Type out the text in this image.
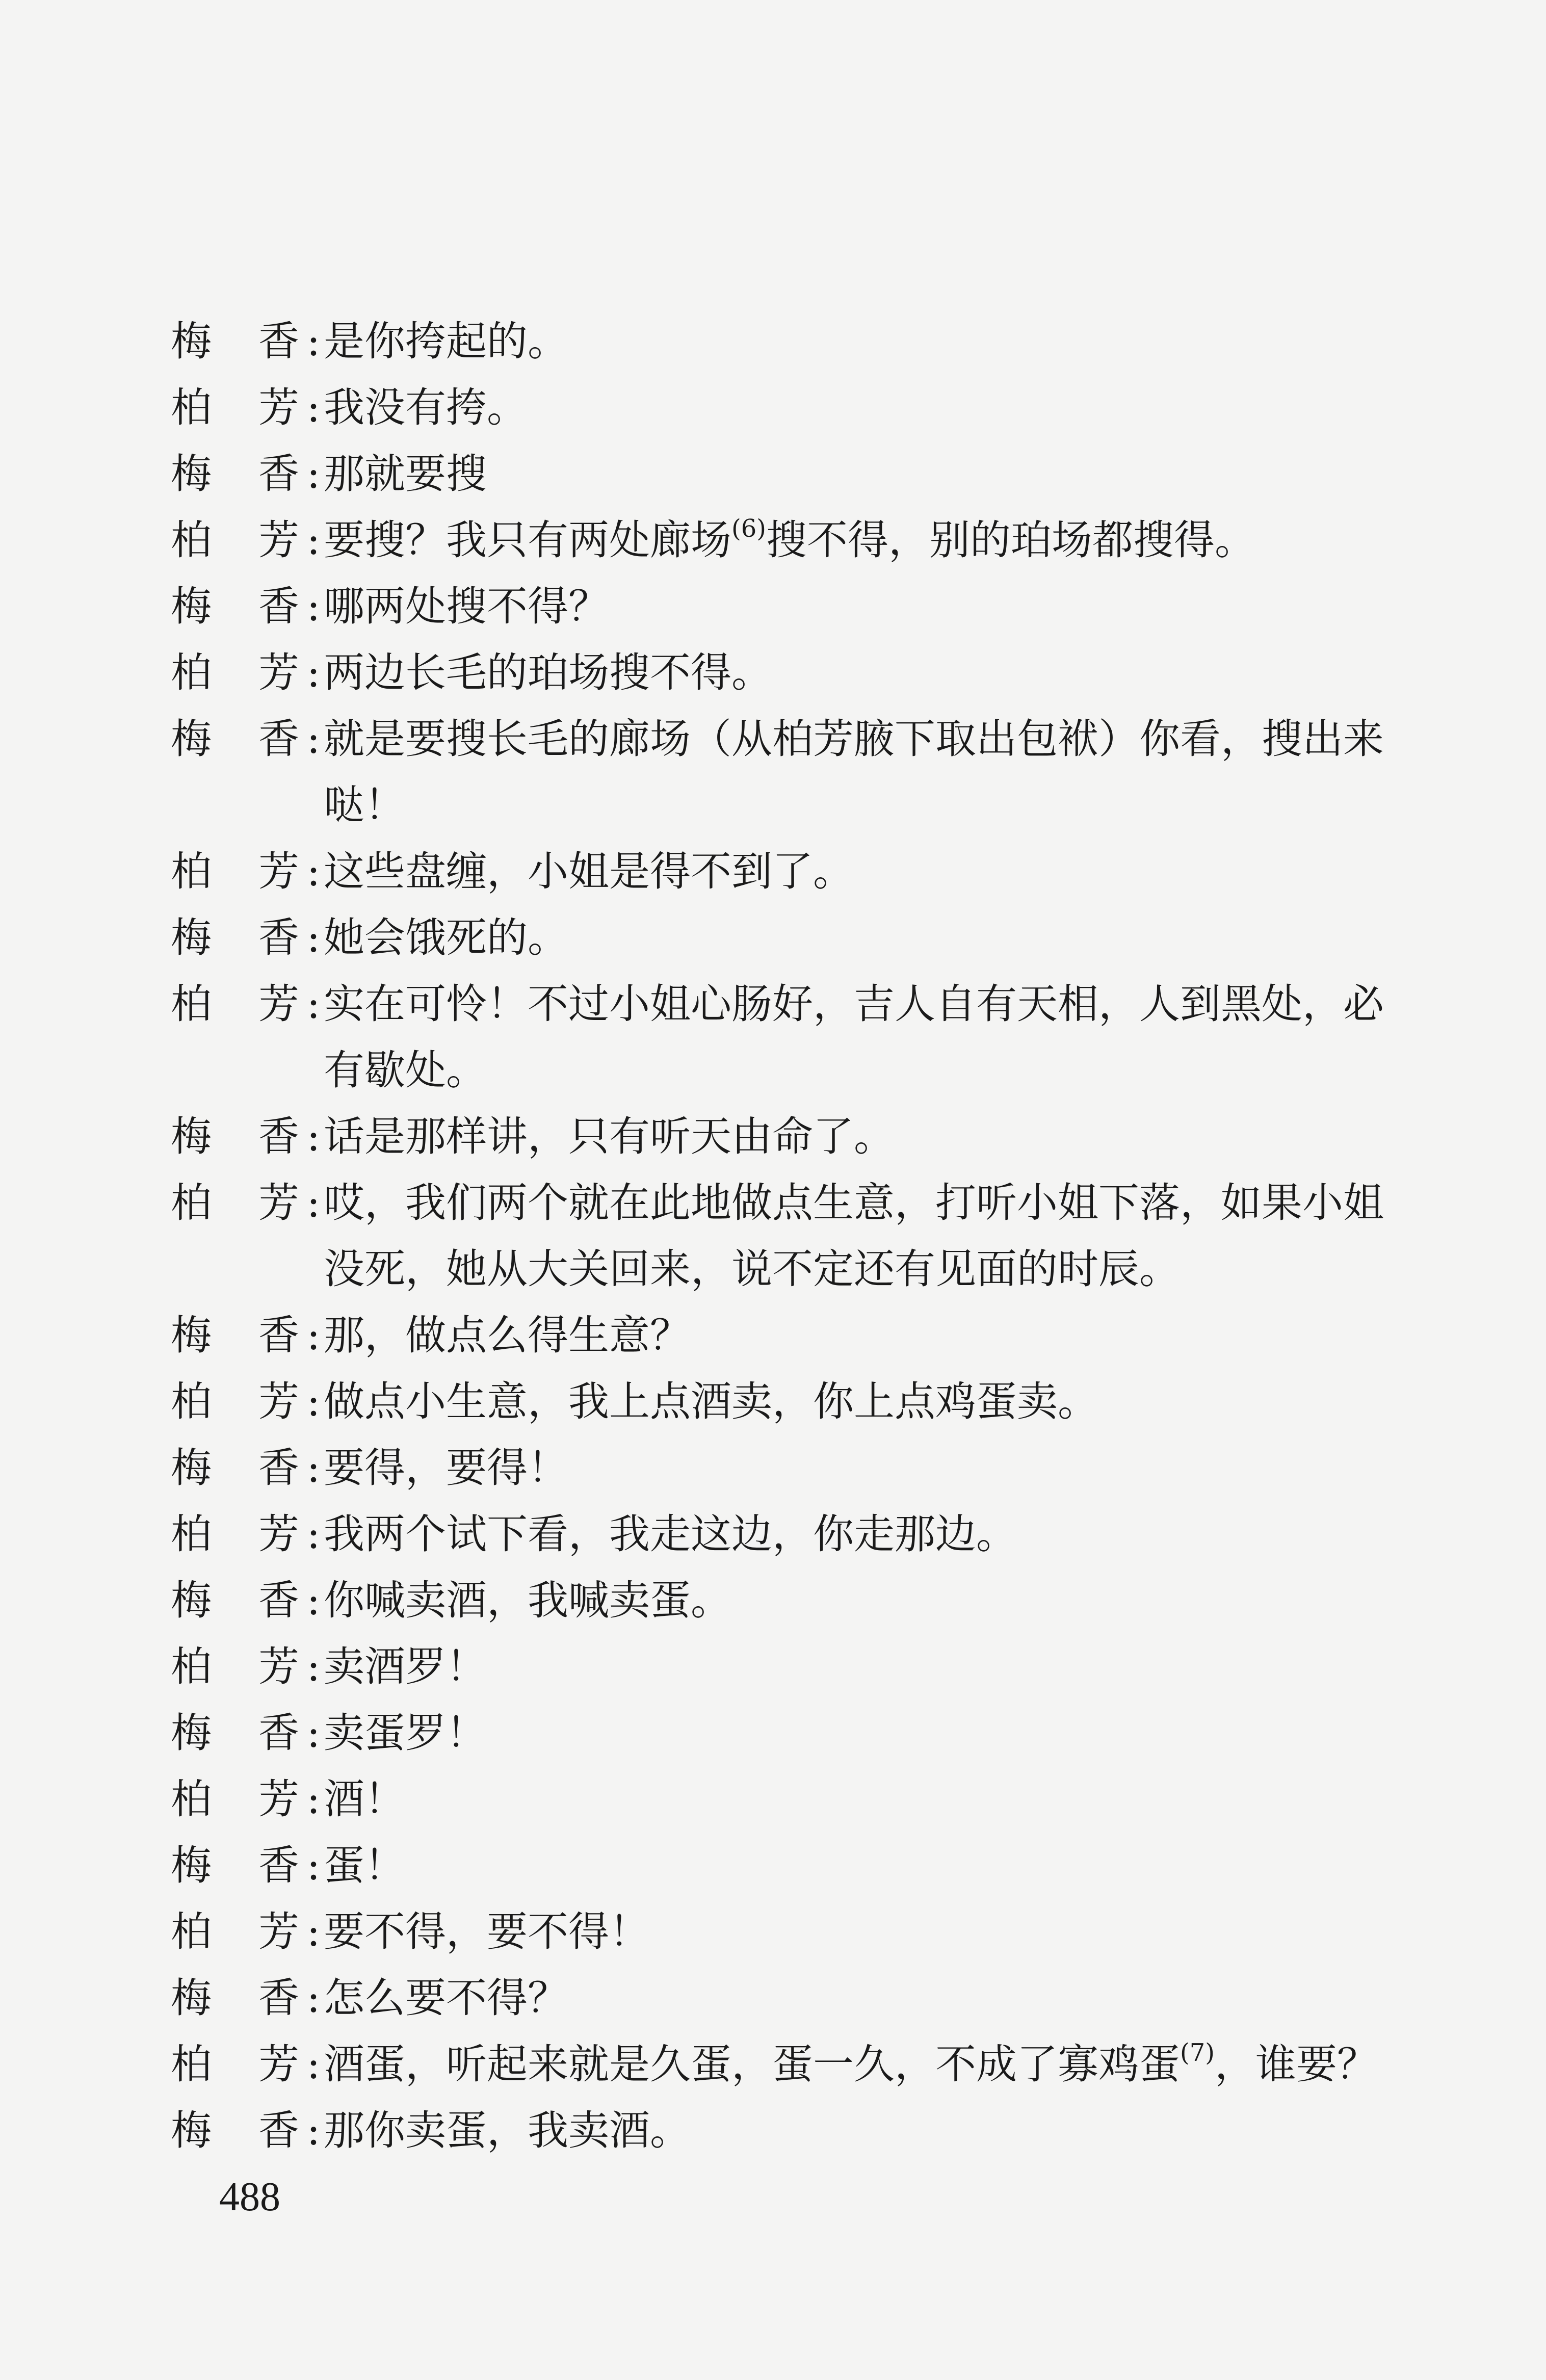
梅 香 : 是你挎起的。
柏 芳 : 我没有挎。
梅 香 : 那就要搜
柏 芳 : 要搜？我只有两处廊场$^{(6)}$搜不得，别的珀场都搜得。
梅 香 : 哪两处搜不得？
柏 芳 : 两边长毛的珀场搜不得。
梅 香 : 就是要搜长毛的廊场（从柏芳腋下取出包袱）你看，搜出来哒！
柏 芳 : 这些盘缠，小姐是得不到了。
梅 香 : 她会饿死的。
柏 芳 : 实在可怜！不过小姐心肠好，吉人自有天相，人到黑处，必有歇处。
梅 香 : 话是那样讲，只有听天由命了。
柏 芳 : 哎，我们两个就在此地做点生意，打听小姐下落，如果小姐没死，她从大关回来，说不定还有见面的时辰。
梅 香 : 那，做点么得生意？
柏 芳 : 做点小生意，我上点酒卖，你上点鸡蛋卖。
梅 香 : 要得，要得！
柏 芳 : 我两个试下看，我走这边，你走那边。
梅 香 : 你喊卖酒，我喊卖蛋。
柏 芳 : 卖酒罗！
梅 香 : 卖蛋罗！
柏 芳 : 酒！
梅 香 : 蛋！
柏 芳 : 要不得，要不得！
梅 香 : 怎么要不得？
柏 芳 : 酒蛋，听起来就是久蛋，蛋一久，不成了寡鸡蛋$^{(7)}$，谁要？
梅 香 : 那你卖蛋，我卖酒。
488
